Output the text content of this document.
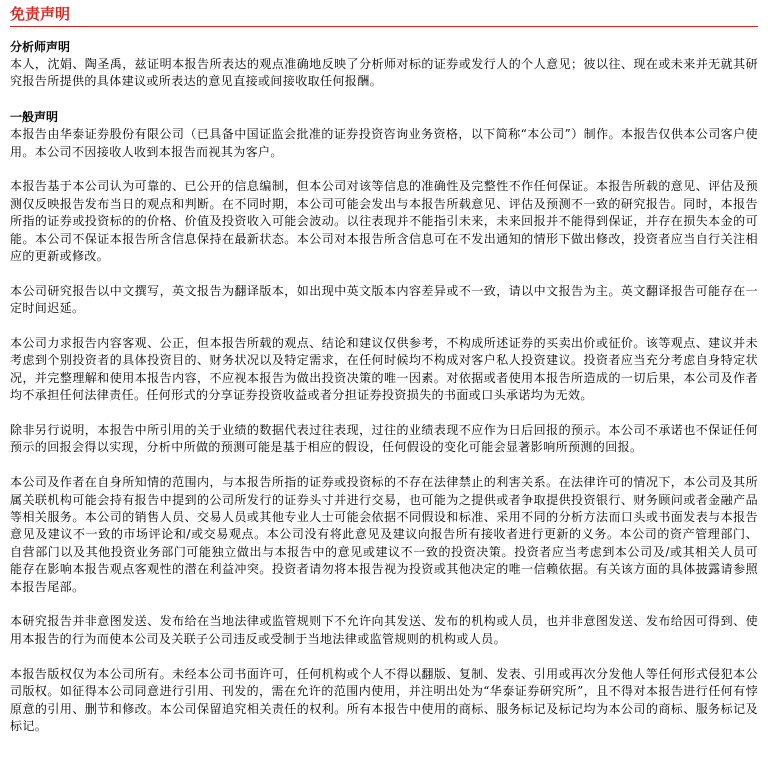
免责声明
分析师声明

本人，沈娟、陶圣禹，兹证明本报告所表达的观点准确地反映了分析师对标的证券或发行人的个人意见；彼以往、现在或未来并无就其研究报告所提供的具体建议或所表达的意见直接或间接收取任何报酬。

一般声明

本报告由华泰证券股份有限公司（已具备中国证监会批准的证券投资咨询业务资格，以下简称“本公司”）制作。本报告仅供本公司客户使用。本公司不因接收人收到本报告而视其为客户。

本报告基于本公司认为可靠的、已公开的信息编制，但本公司对该等信息的准确性及完整性不作任何保证。本报告所载的意见、评估及预测仅反映报告发布当日的观点和判断。在不同时期，本公司可能会发出与本报告所载意见、评估及预测不一致的研究报告。同时，本报告所指的证券或投资标的的价格、价值及投资收入可能会波动。以往表现并不能指引未来，未来回报并不能得到保证，并存在损失本金的可能。本公司不保证本报告所含信息保持在最新状态。本公司对本报告所含信息可在不发出通知的情形下做出修改，投资者应当自行关注相应的更新或修改。

本公司研究报告以中文撰写，英文报告为翻译版本，如出现中英文版本内容差异或不一致，请以中文报告为主。英文翻译报告可能存在一定时间迟延。

本公司力求报告内容客观、公正，但本报告所载的观点、结论和建议仅供参考，不构成所述证券的买卖出价或征价。该等观点、建议并未考虑到个别投资者的具体投资目的、财务状况以及特定需求，在任何时候均不构成对客户私人投资建议。投资者应当充分考虑自身特定状况，并完整理解和使用本报告内容，不应视本报告为做出投资决策的唯一因素。对依据或者使用本报告所造成的一切后果，本公司及作者均不承担任何法律责任。任何形式的分享证券投资收益或者分担证券投资损失的书面或口头承诺均为无效。

除非另行说明，本报告中所引用的关于业绩的数据代表过往表现，过往的业绩表现不应作为日后回报的预示。本公司不承诺也不保证任何预示的回报会得以实现，分析中所做的预测可能是基于相应的假设，任何假设的变化可能会显著影响所预测的回报。

本公司及作者在自身所知情的范围内，与本报告所指的证券或投资标的不存在法律禁止的利害关系。在法律许可的情况下，本公司及其所属关联机构可能会持有报告中提到的公司所发行的证券头寸并进行交易，也可能为之提供或者争取提供投资银行、财务顾问或者金融产品等相关服务。本公司的销售人员、交易人员或其他专业人士可能会依据不同假设和标准、采用不同的分析方法而口头或书面发表与本报告意见及建议不一致的市场评论和/或交易观点。本公司没有将此意见及建议向报告所有接收者进行更新的义务。本公司的资产管理部门、自营部门以及其他投资业务部门可能独立做出与本报告中的意见或建议不一致的投资决策。投资者应当考虑到本公司及/或其相关人员可能存在影响本报告观点客观性的潜在利益冲突。投资者请勿将本报告视为投资或其他决定的唯一信赖依据。有关该方面的具体披露请参照本报告尾部。

本研究报告并非意图发送、发布给在当地法律或监管规则下不允许向其发送、发布的机构或人员，也并非意图发送、发布给因可得到、使用本报告的行为而使本公司及关联子公司违反或受制于当地法律或监管规则的机构或人员。

本报告版权仅为本公司所有。未经本公司书面许可，任何机构或个人不得以翻版、复制、发表、引用或再次分发他人等任何形式侵犯本公司版权。如征得本公司同意进行引用、刊发的，需在允许的范围内使用，并注明出处为“华泰证券研究所”，且不得对本报告进行任何有悖原意的引用、删节和修改。本公司保留追究相关责任的权利。所有本报告中使用的商标、服务标记及标记均为本公司的商标、服务标记及标记。
